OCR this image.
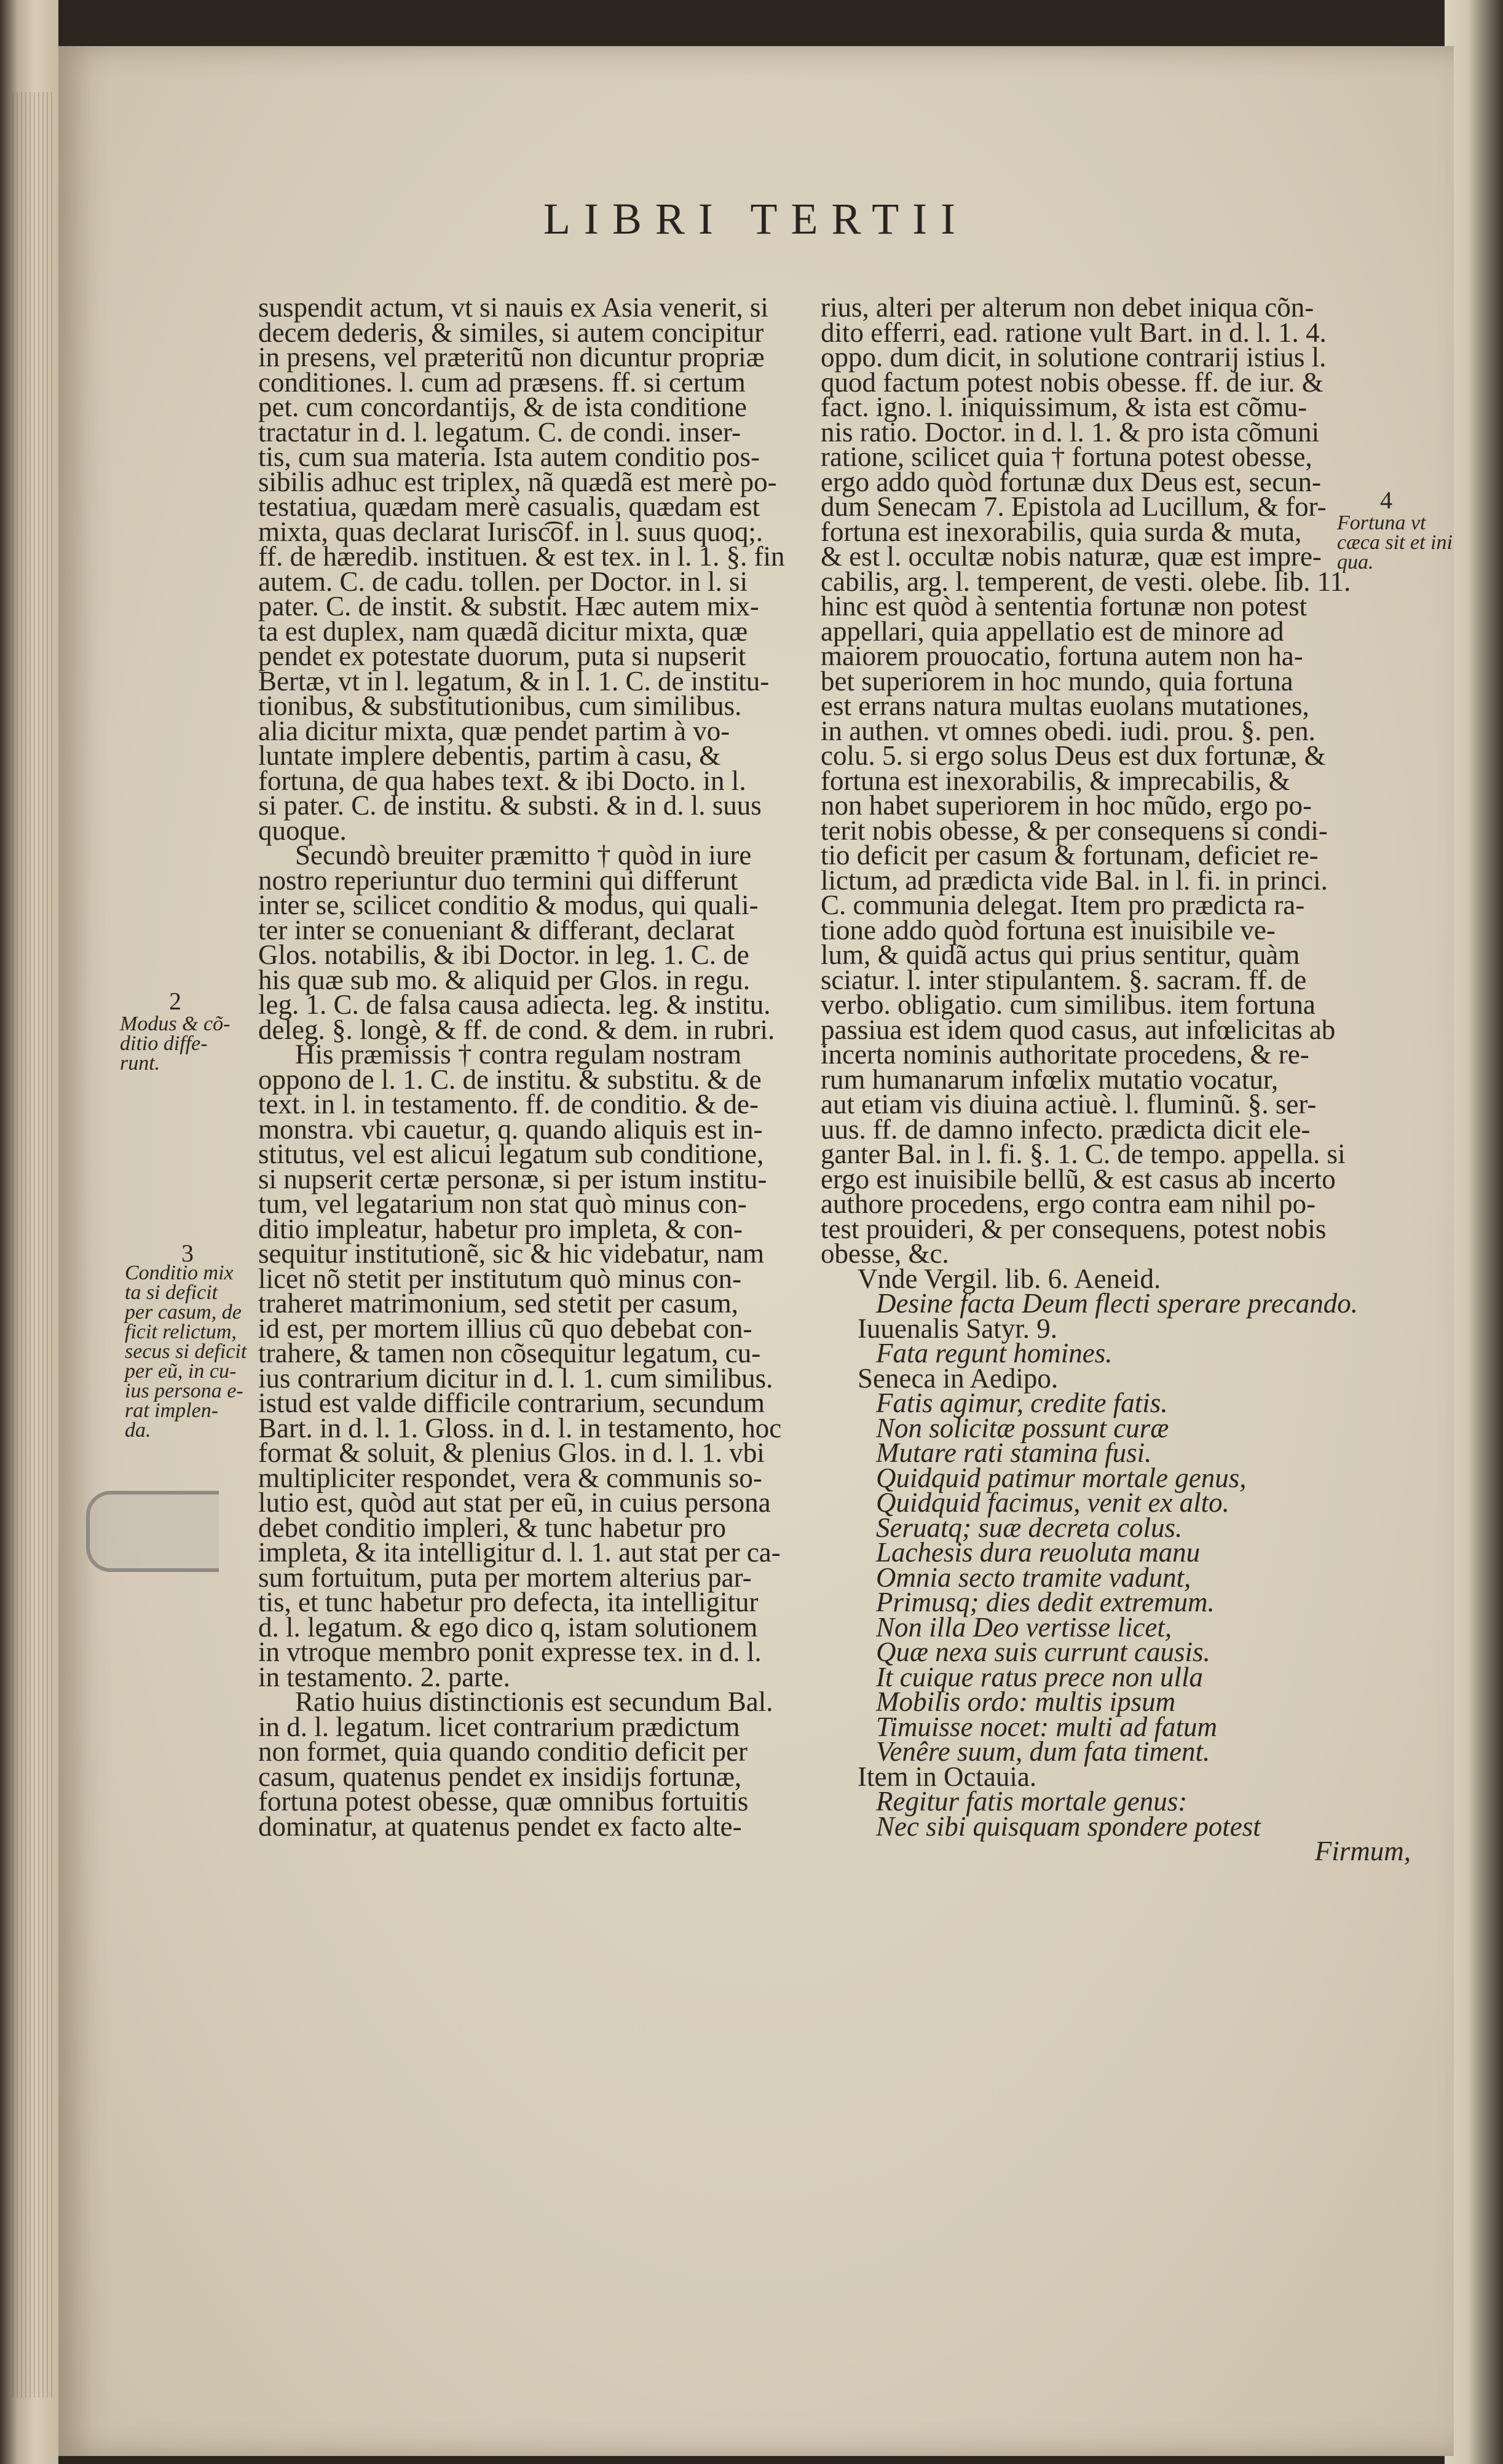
LIBRI TERTII
suspendit actum, vt si nauis ex Asia venerit, si
decem dederis, & similes, si autem concipitur
in presens, vel præteritũ non dicuntur propriæ
conditiones. l. cum ad præsens. ff. si certum
pet. cum concordantijs, & de ista conditione
tractatur in d. l. legatum. C. de condi. inser-
tis, cum sua materia. Ista autem conditio pos-
sibilis adhuc est triplex, nã quædã est merè po-
testatiua, quædam merè casualis, quædam est
mixta, quas declarat Iurisc͡of. in l. suus quoq;.
ff. de hæredib. instituen. & est tex. in l. 1. §. fin
autem. C. de cadu. tollen. per Doctor. in l. si
pater. C. de instit. & substit. Hæc autem mix-
ta est duplex, nam quædã dicitur mixta, quæ
pendet ex potestate duorum, puta si nupserit
Bertæ, vt in l. legatum, & in l. 1. C. de institu-
tionibus, & substitutionibus, cum similibus.
alia dicitur mixta, quæ pendet partim à vo-
luntate implere debentis, partim à casu, &
fortuna, de qua habes text. & ibi Docto. in l.
si pater. C. de institu. & substi. & in d. l. suus
quoque.
Secundò breuiter præmitto † quòd in iure
nostro reperiuntur duo termini qui differunt
inter se, scilicet conditio & modus, qui quali-
ter inter se conueniant & differant, declarat
Glos. notabilis, & ibi Doctor. in leg. 1. C. de
his quæ sub mo. & aliquid per Glos. in regu.
leg. 1. C. de falsa causa adiecta. leg. & institu.
deleg. §. longè, & ff. de cond. & dem. in rubri.
His præmissis † contra regulam nostram
oppono de l. 1. C. de institu. & substitu. & de
text. in l. in testamento. ff. de conditio. & de-
monstra. vbi cauetur, q. quando aliquis est in-
stitutus, vel est alicui legatum sub conditione,
si nupserit certæ personæ, si per istum institu-
tum, vel legatarium non stat quò minus con-
ditio impleatur, habetur pro impleta, & con-
sequitur institutionẽ, sic & hic videbatur, nam
licet nõ stetit per institutum quò minus con-
traheret matrimonium, sed stetit per casum,
id est, per mortem illius cũ quo debebat con-
trahere, & tamen non cõsequitur legatum, cu-
ius contrarium dicitur in d. l. 1. cum similibus.
istud est valde difficile contrarium, secundum
Bart. in d. l. 1. Gloss. in d. l. in testamento, hoc
format & soluit, & plenius Glos. in d. l. 1. vbi
multipliciter respondet, vera & communis so-
lutio est, quòd aut stat per eũ, in cuius persona
debet conditio impleri, & tunc habetur pro
impleta, & ita intelligitur d. l. 1. aut stat per ca-
sum fortuitum, puta per mortem alterius par-
tis, et tunc habetur pro defecta, ita intelligitur
d. l. legatum. & ego dico q, istam solutionem
in vtroque membro ponit expresse tex. in d. l.
in testamento. 2. parte.
Ratio huius distinctionis est secundum Bal.
in d. l. legatum. licet contrarium prædictum
non formet, quia quando conditio deficit per
casum, quatenus pendet ex insidijs fortunæ,
fortuna potest obesse, quæ omnibus fortuitis
dominatur, at quatenus pendet ex facto alte-
rius, alteri per alterum non debet iniqua cõn-
dito efferri, ead. ratione vult Bart. in d. l. 1. 4.
oppo. dum dicit, in solutione contrarij istius l.
quod factum potest nobis obesse. ff. de iur. &
fact. igno. l. iniquissimum, & ista est cõmu-
nis ratio. Doctor. in d. l. 1. & pro ista cõmuni
ratione, scilicet quia † fortuna potest obesse,
ergo addo quòd fortunæ dux Deus est, secun-
dum Senecam 7. Epistola ad Lucillum, & for-
fortuna est inexorabilis, quia surda & muta,
& est l. occultæ nobis naturæ, quæ est impre-
cabilis, arg. l. temperent, de vesti. olebe. lib. 11.
hinc est quòd à sententia fortunæ non potest
appellari, quia appellatio est de minore ad
maiorem prouocatio, fortuna autem non ha-
bet superiorem in hoc mundo, quia fortuna
est errans natura multas euolans mutationes,
in authen. vt omnes obedi. iudi. prou. §. pen.
colu. 5. si ergo solus Deus est dux fortunæ, &
fortuna est inexorabilis, & imprecabilis, &
non habet superiorem in hoc mũdo, ergo po-
terit nobis obesse, & per consequens si condi-
tio deficit per casum & fortunam, deficiet re-
lictum, ad prædicta vide Bal. in l. fi. in princi.
C. communia delegat. Item pro prædicta ra-
tione addo quòd fortuna est inuisibile ve-
lum, & quidã actus qui prius sentitur, quàm
sciatur. l. inter stipulantem. §. sacram. ff. de
verbo. obligatio. cum similibus. item fortuna
passiua est idem quod casus, aut infœlicitas ab
incerta nominis authoritate procedens, & re-
rum humanarum infœlix mutatio vocatur,
aut etiam vis diuina actiuè. l. fluminũ. §. ser-
uus. ff. de damno infecto. prædicta dicit ele-
ganter Bal. in l. fi. §. 1. C. de tempo. appella. si
ergo est inuisibile bellũ, & est casus ab incerto
authore procedens, ergo contra eam nihil po-
test prouideri, & per consequens, potest nobis
obesse, &c.
Vnde Vergil. lib. 6. Aeneid.
Desine facta Deum flecti sperare precando.
Iuuenalis Satyr. 9.
Fata regunt homines.
Seneca in Aedipo.
Fatis agimur, credite fatis.
Non solicitæ possunt curæ
Mutare rati stamina fusi.
Quidquid patimur mortale genus,
Quidquid facimus, venit ex alto.
Seruatq; suæ decreta colus.
Lachesis dura reuoluta manu
Omnia secto tramite vadunt,
Primusq; dies dedit extremum.
Non illa Deo vertisse licet,
Quæ nexa suis currunt causis.
It cuique ratus prece non ulla
Mobilis ordo: multis ipsum
Timuisse nocet: multi ad fatum
Venêre suum, dum fata timent.
Item in Octauia.
Regitur fatis mortale genus:
Nec sibi quisquam spondere potest
Firmum,
2
Modus & cõ-
ditio diffe-
runt.
3
Conditio mix
ta si deficit
per casum, de
ficit relictum,
secus si deficit
per eũ, in cu-
ius persona e-
rat implen-
da.
4
Fortuna vt
cæca sit et ini
qua.
